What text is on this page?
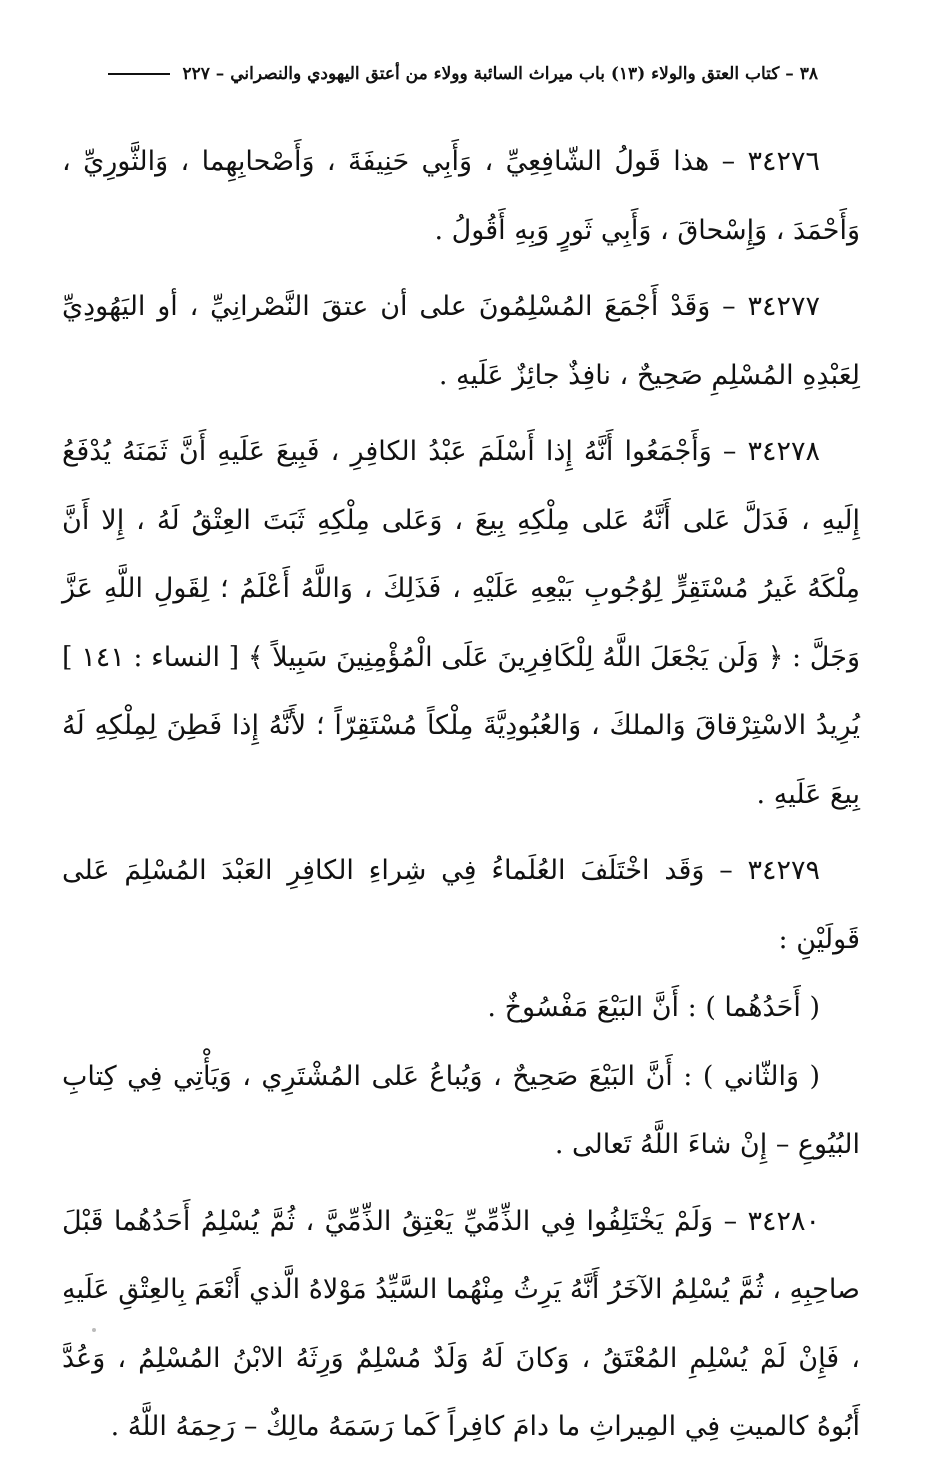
٣٨ – كتاب العتق والولاء (١٣) باب ميراث السائبة وولاء من أعتق اليهودي والنصراني – ٢٢٧

٣٤٢٧٦ – هذا قَولُ الشّافِعِيِّ ، وَأَبِي حَنِيفَةَ ، وَأَصْحابِهِما ، وَالثَّورِيِّ ، وَأَحْمَدَ ، وَإِسْحاقَ ، وَأَبِي ثَورٍ وَبِهِ أَقُولُ .

٣٤٢٧٧ – وَقَدْ أَجْمَعَ المُسْلِمُونَ على أن عتقَ النَّصْرانِيِّ ، أو اليَهُودِيِّ لِعَبْدِهِ المُسْلِمِ صَحِيحٌ ، نافِذٌ جائِزٌ عَلَيهِ .

٣٤٢٧٨ – وَأَجْمَعُوا أَنَّهُ إِذا أَسْلَمَ عَبْدُ الكافِرِ ، فَبِيعَ عَلَيهِ أَنَّ ثَمَنَهُ يُدْفَعُ إِلَيهِ ، فَدَلَّ عَلى أَنَّهُ عَلى مِلْكِهِ بِيعَ ، وَعَلى مِلْكِهِ ثَبَتَ العِتْقُ لَهُ ، إِلا أَنَّ مِلْكَهُ غَيرُ مُسْتَقِرٍّ لِوُجُوبِ بَيْعِهِ عَلَيْهِ ، فَذَلِكَ ، وَاللَّهُ أَعْلَمُ ؛ لِقَولِ اللَّهِ عَزَّ وَجَلَّ : ﴿ وَلَن يَجْعَلَ اللَّهُ لِلْكَافِرِينَ عَلَى الْمُؤْمِنِينَ سَبِيلاً ﴾ [ النساء : ١٤١ ] يُرِيدُ الاسْتِرْقاقَ وَالملكَ ، وَالعُبُودِيَّةَ مِلْكاً مُسْتَقِرّاً ؛ لأَنَّهُ إِذا فَطِنَ لِمِلْكِهِ لَهُ بِيعَ عَلَيهِ .

٣٤٢٧٩ – وَقَد اخْتَلَفَ العُلَماءُ فِي شِراءِ الكافِرِ العَبْدَ المُسْلِمَ عَلى قَولَيْنِ :

( أَحَدُهُما ) : أَنَّ البَيْعَ مَفْسُوخٌ .

( وَالثّاني ) : أَنَّ البَيْعَ صَحِيحٌ ، وَيُباعُ عَلى المُشْتَرِي ، وَيَأْتِي فِي كِتابِ البُيُوعِ – إِنْ شاءَ اللَّهُ تَعالى .

٣٤٢٨٠ – وَلَمْ يَخْتَلِفُوا فِي الذِّمِّيِّ يَعْتِقُ الذِّمِّيَّ ، ثُمَّ يُسْلِمُ أَحَدُهُما قَبْلَ صاحِبِهِ ، ثُمَّ يُسْلِمُ الآخَرُ أَنَّهُ يَرِثُ مِنْهُما السَّيِّدُ مَوْلاهُ الَّذي أَنْعَمَ بِالعِتْقِ عَلَيهِ ، فَإِنْ لَمْ يُسْلِمِ المُعْتَقُ ، وَكانَ لَهُ وَلَدٌ مُسْلِمٌ وَرِثَهُ الابْنُ المُسْلِمُ ، وَعُدَّ أَبُوهُ كالميتِ فِي المِيراثِ ما دامَ كافِراً كَما رَسَمَهُ مالِكٌ – رَحِمَهُ اللَّهُ .
